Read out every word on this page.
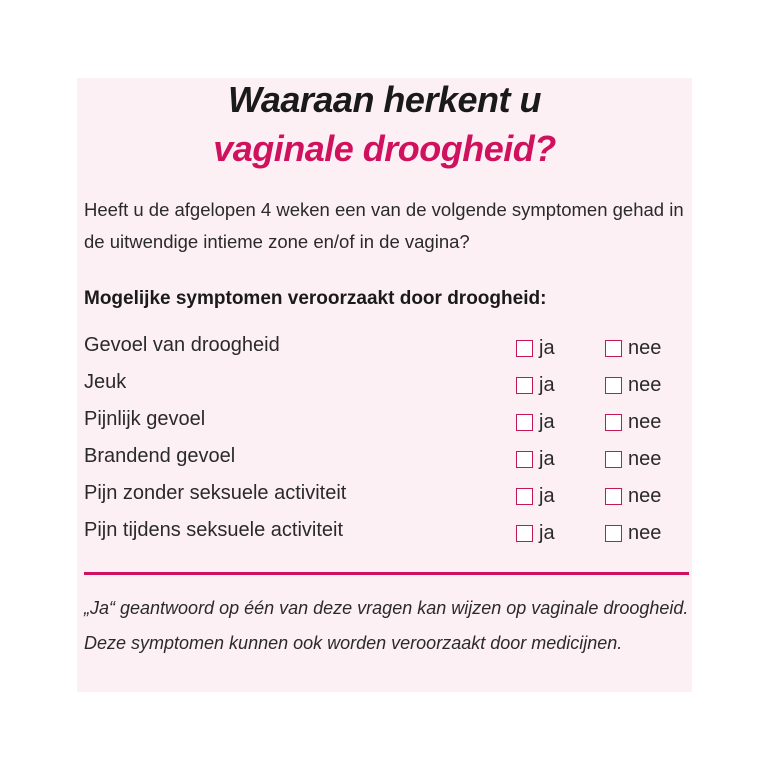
Waaraan herkent u
vaginale droogheid?
Heeft u de afgelopen 4 weken een van de volgende symptomen gehad in de uitwendige intieme zone en/of in de vagina?
Mogelijke symptomen veroorzaakt door droogheid:
Gevoel van droogheid	ja	nee
Jeuk	ja	nee
Pijnlijk gevoel	ja	nee
Brandend gevoel	ja	nee
Pijn zonder seksuele activiteit	ja	nee
Pijn tijdens seksuele activiteit	ja	nee
„Ja“ geantwoord op één van deze vragen kan wijzen op vaginale droogheid. Deze symptomen kunnen ook worden veroorzaakt door medicijnen.
